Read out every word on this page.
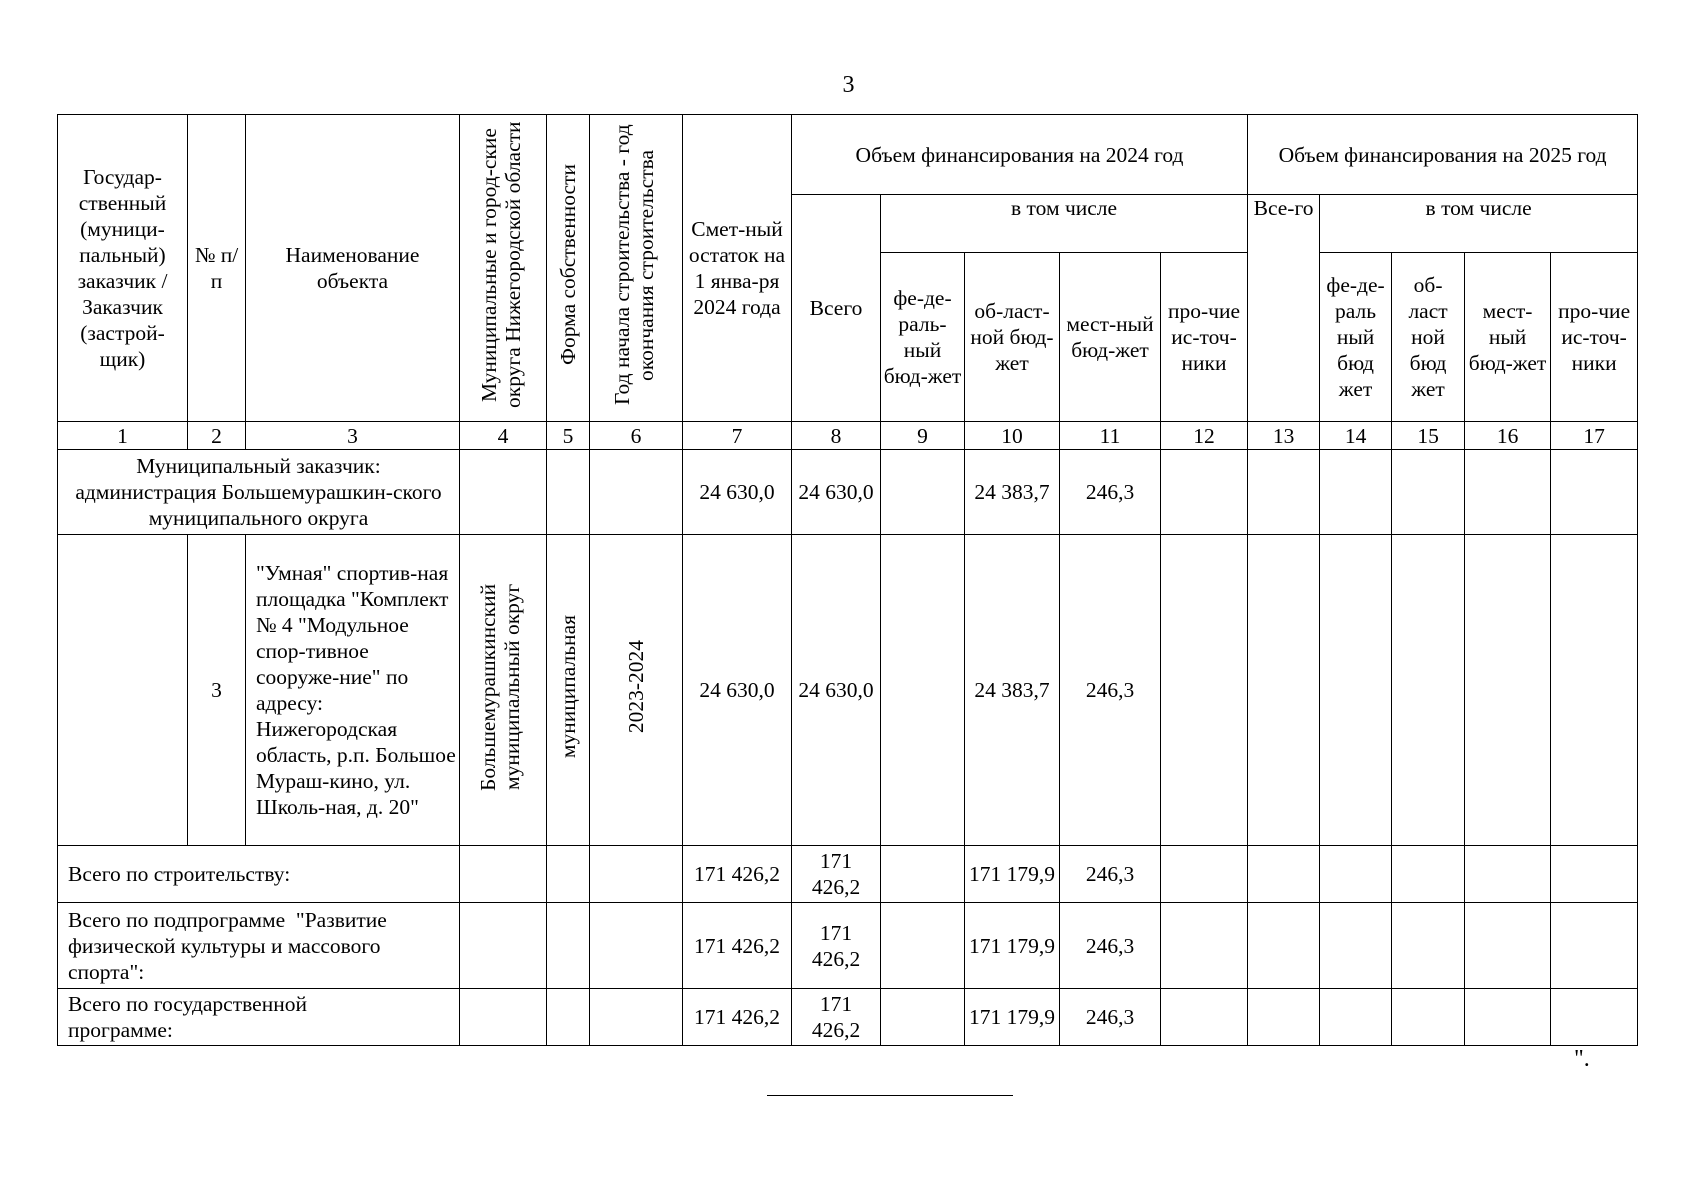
3
Государ-ственный (муници-пальный) заказчик / Заказчик (застрой-щик)	№ п/п	Наименование объекта	Муниципальные и город-ские округа Нижегородской области	Форма собственности	Год начала строительства - год окончания строительства	Смет-ный остаток на 1 янва-ря 2024 года	Объем финансирования на 2024 год					Объем финансирования на 2025 год				
							Всего	в том числе				Все-го	в том числе			
								фе-де-раль-ный бюд-жет	об-ласт-ной бюд-жет	мест-ный бюд-жет	про-чие ис-точ-ники		фе-де-раль ный бюд жет	об-ласт ной бюд жет	мест-ный бюд-жет	про-чие ис-точ-ники
1	2	3	4	5	6	7	8	9	10	11	12	13	14	15	16	17
Муниципальный заказчик: администрация Большемурашкин-ского муниципального округа						24 630,0	24 630,0		24 383,7	246,3						
	3	"Умная" спортив-ная площадка "Комплект № 4 "Модульное спор-тивное сооруже-ние" по адресу: Нижегородская область, р.п. Большое Мураш-кино, ул. Школь-ная, д. 20"	Большемурашкинский муниципальный округ	муниципальная	2023-2024	24 630,0	24 630,0		24 383,7	246,3						
Всего по строительству:						171 426,2	171 426,2		171 179,9	246,3						
Всего по подпрограмме  "Развитие физической культуры и массового спорта":						171 426,2	171 426,2		171 179,9	246,3						
Всего по государственной программе:						171 426,2	171 426,2		171 179,9	246,3						
".
